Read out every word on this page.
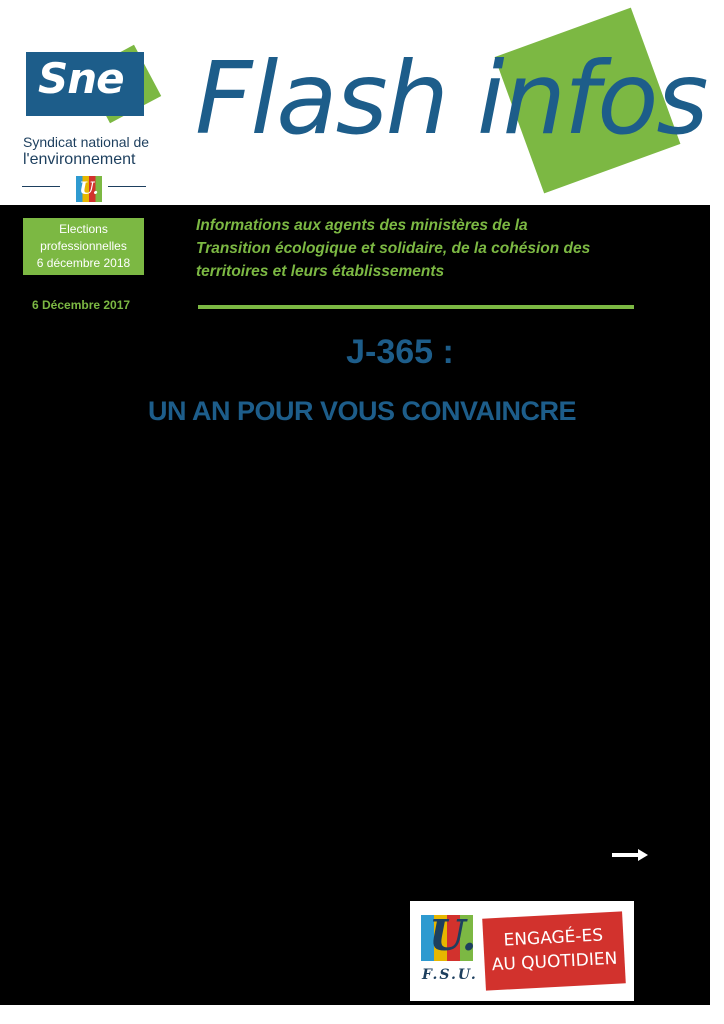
Sne
Syndicat national de
l'environnement
U.
Flash infos
Elections
professionnelles
6 décembre 2018
6 Décembre 2017
Informations aux agents des ministères de la
Transition écologique et solidaire, de la cohésion des
territoires et leurs établissements
J-365 :
UN AN POUR VOUS CONVAINCRE
U.
F.S.U.
ENGAGÉ-ES
AU QUOTIDIEN
